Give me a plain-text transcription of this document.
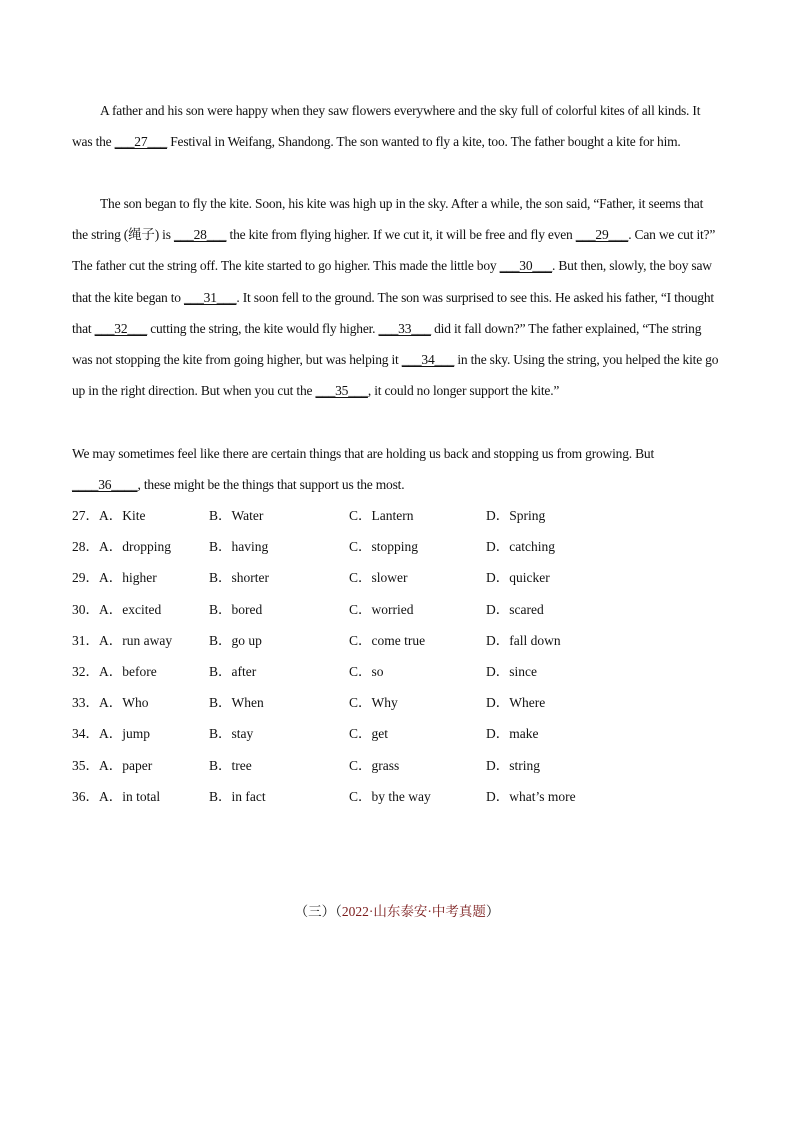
A father and his son were happy when they saw flowers everywhere and the sky full of colorful kites of all kinds. It was the ___27___ Festival in Weifang, Shandong. The son wanted to fly a kite, too. The father bought a kite for him.
The son began to fly the kite. Soon, his kite was high up in the sky. After a while, the son said, “Father, it seems that the string (绳子) is ___28___ the kite from flying higher. If we cut it, it will be free and fly even ___29___. Can we cut it?” The father cut the string off. The kite started to go higher. This made the little boy ___30___. But then, slowly, the boy saw that the kite began to ___31___. It soon fell to the ground. The son was surprised to see this. He asked his father, “I thought that ___32___ cutting the string, the kite would fly higher. ___33___ did it fall down?” The father explained, “The string was not stopping the kite from going higher, but was helping it ___34___ in the sky. Using the string, you helped the kite go up in the right direction. But when you cut the ___35___, it could no longer support the kite.”
We may sometimes feel like there are certain things that are holding us back and stopping us from growing. But ____36____, these might be the things that support us the most.
27．A．Kite	B．Water	C．Lantern	D．Spring
28．A．dropping	B．having	C．stopping	D．catching
29．A．higher	B．shorter	C．slower	D．quicker
30．A．excited	B．bored	C．worried	D．scared
31．A．run away	B．go up	C．come true	D．fall down
32．A．before	B．after	C．so	D．since
33．A．Who	B．When	C．Why	D．Where
34．A．jump	B．stay	C．get	D．make
35．A．paper	B．tree	C．grass	D．string
36．A．in total	B．in fact	C．by the way	D．what’s more
（三）（2022·山东泰安·中考真题）
